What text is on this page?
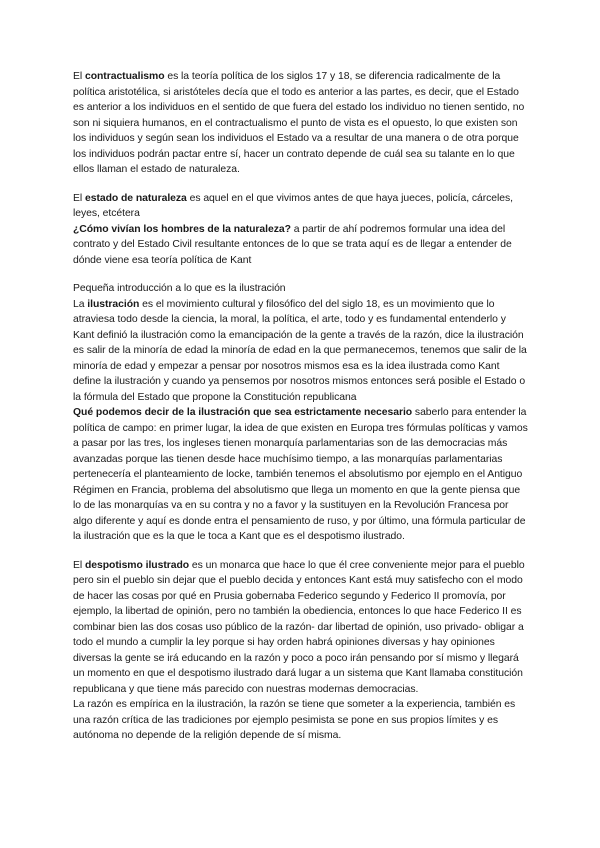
El contractualismo es la teoría política de los siglos 17 y 18, se diferencia radicalmente de la política aristotélica, si aristóteles decía que el todo es anterior a las partes, es decir, que el Estado es anterior a los individuos en el sentido de que fuera del estado los individuo no tienen sentido, no son ni siquiera humanos, en el contractualismo el punto de vista es el opuesto, lo que existen son los individuos y según sean los individuos el Estado va a resultar de una manera o de otra porque los individuos podrán pactar entre sí, hacer un contrato depende de cuál sea su talante en lo que ellos llaman el estado de naturaleza.

El estado de naturaleza es aquel en el que vivimos antes de que haya jueces, policía, cárceles, leyes, etcétera

¿Cómo vivían los hombres de la naturaleza? a partir de ahí podremos formular una idea del contrato y del Estado Civil resultante entonces de lo que se trata aquí es de llegar a entender de dónde viene esa teoría política de Kant

Pequeña introducción a lo que es la ilustración

La ilustración es el movimiento cultural y filosófico del del siglo 18, es un movimiento que lo atraviesa todo desde la ciencia, la moral, la política, el arte, todo y es fundamental entenderlo y Kant definió la ilustración como la emancipación de la gente a través de la razón, dice la ilustración es salir de la minoría de edad la minoría de edad en la que permanecemos, tenemos que salir de la minoría de edad y empezar a pensar por nosotros mismos esa es la idea ilustrada como Kant define la ilustración y cuando ya pensemos por nosotros mismos entonces será posible el Estado o la fórmula del Estado que propone la Constitución republicana

Qué podemos decir de la ilustración que sea estrictamente necesario saberlo para entender la política de campo: en primer lugar, la idea de que existen en Europa tres fórmulas políticas y vamos a pasar por las tres, los ingleses tienen monarquía parlamentarias son de las democracias más avanzadas porque las tienen desde hace muchísimo tiempo, a las monarquías parlamentarias pertenecería el planteamiento de locke, también tenemos el absolutismo por ejemplo en el Antiguo Régimen en Francia, problema del absolutismo que llega un momento en que la gente piensa que lo de las monarquías va en su contra y no a favor y la sustituyen en la Revolución Francesa por algo diferente y aquí es donde entra el pensamiento de ruso, y por último, una fórmula particular de la ilustración que es la que le toca a Kant que es el despotismo ilustrado.

El despotismo ilustrado es un monarca que hace lo que él cree conveniente mejor para el pueblo pero sin el pueblo sin dejar que el pueblo decida y entonces Kant está muy satisfecho con el modo de hacer las cosas por qué en Prusia gobernaba Federico segundo y Federico II promovía, por ejemplo, la libertad de opinión, pero no también la obediencia, entonces lo que hace Federico II es combinar bien las dos cosas uso público de la razón- dar libertad de opinión, uso privado- obligar a todo el mundo a cumplir la ley porque si hay orden habrá opiniones diversas y hay opiniones diversas la gente se irá educando en la razón y poco a poco irán pensando por sí mismo y llegará un momento en que el despotismo ilustrado dará lugar a un sistema que Kant llamaba constitución republicana y que tiene más parecido con nuestras modernas democracias.

La razón es empírica en la ilustración, la razón se tiene que someter a la experiencia, también es una razón crítica de las tradiciones por ejemplo pesimista se pone en sus propios límites y es autónoma no depende de la religión depende de sí misma.
